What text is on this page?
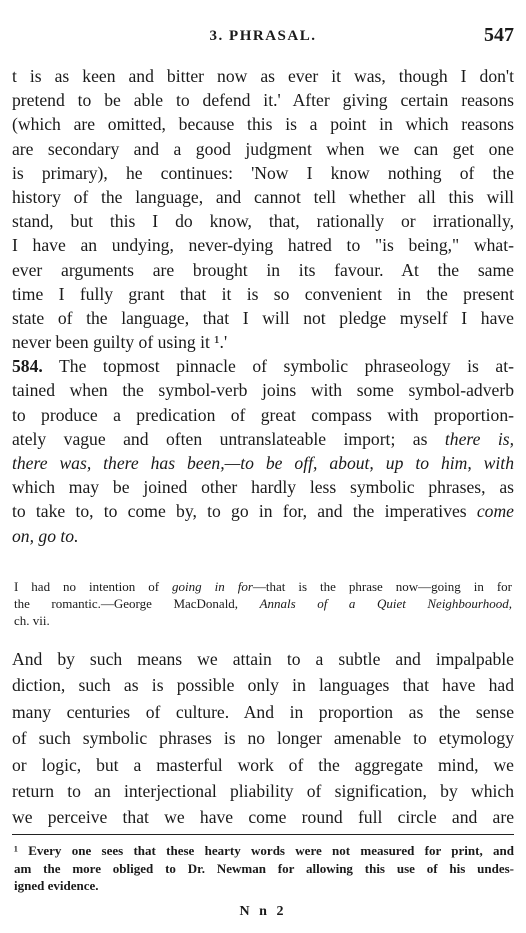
3. PHRASAL.	547
t is as keen and bitter now as ever it was, though I don't
pretend to be able to defend it.' After giving certain reasons
(which are omitted, because this is a point in which reasons
are secondary and a good judgment when we can get one
is primary), he continues: 'Now I know nothing of the
history of the language, and cannot tell whether all this will
stand, but this I do know, that, rationally or irrationally,
I have an undying, never-dying hatred to "is being," what-
ever arguments are brought in its favour. At the same
time I fully grant that it is so convenient in the present
state of the language, that I will not pledge myself I have
never been guilty of using it ¹.'
584. The topmost pinnacle of symbolic phraseology is at-
tained when the symbol-verb joins with some symbol-adverb
to produce a predication of great compass with proportion-
ately vague and often untranslateable import; as there is,
there was, there has been,—to be off, about, up to him, with
which may be joined other hardly less symbolic phrases, as
to take to, to come by, to go in for, and the imperatives come
on, go to.
I had no intention of going in for—that is the phrase now—going in for
the romantic.—George MacDonald, Annals of a Quiet Neighbourhood,
ch. vii.
And by such means we attain to a subtle and impalpable
diction, such as is possible only in languages that have had
many centuries of culture. And in proportion as the sense
of such symbolic phrases is no longer amenable to etymology
or logic, but a masterful work of the aggregate mind, we
return to an interjectional pliability of signification, by which
we perceive that we have come round full circle and are
¹ Every one sees that these hearty words were not measured for print, and
am the more obliged to Dr. Newman for allowing this use of his undes-
igned evidence.
N n 2
